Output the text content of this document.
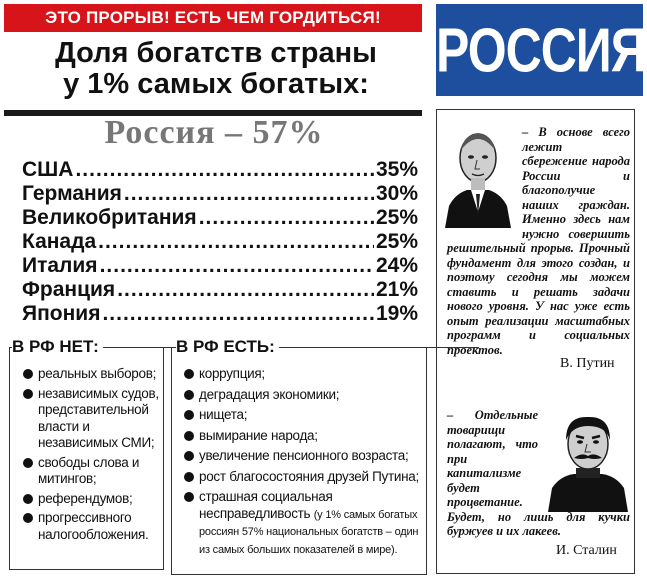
ЭТО ПРОРЫВ! ЕСТЬ ЧЕМ ГОРДИТЬСЯ!	РОССИЯ
Доля богатств страны
у 1% самых богатых:
Россия – 57%
США .....	35%
Германия .....	30%
Великобритания .....	25%
Канада .....	25%
Италия .....	24%
Франция .....	21%
Япония .....	19%
В РФ НЕТ:
реальных выборов;
независимых судов, представительной власти и независимых СМИ;
свободы слова и митингов;
референдумов;
прогрессивного налогообложения.
В РФ ЕСТЬ:
коррупция;
деградация экономики;
нищета;
вымирание народа;
увеличение пенсионного возраста;
рост благосостояния друзей Путина;
страшная социальная несправедливость (у 1% самых богатых россиян 57% национальных богатств – один из самых больших показателей в мире).
– В основе всего лежит сбережение народа России и благополучие наших граждан. Именно здесь нам нужно совершить решительный прорыв. Прочный фундамент для этого создан, и поэтому сегодня мы можем ставить и решать задачи нового уровня. У нас уже есть опыт реализации масштабных программ и социальных проектов.
В. Путин
– Отдельные товарищи полагают, что при капитализме будет процветание. Будет, но лишь для кучки буржуев и их лакеев.
И. Сталин
